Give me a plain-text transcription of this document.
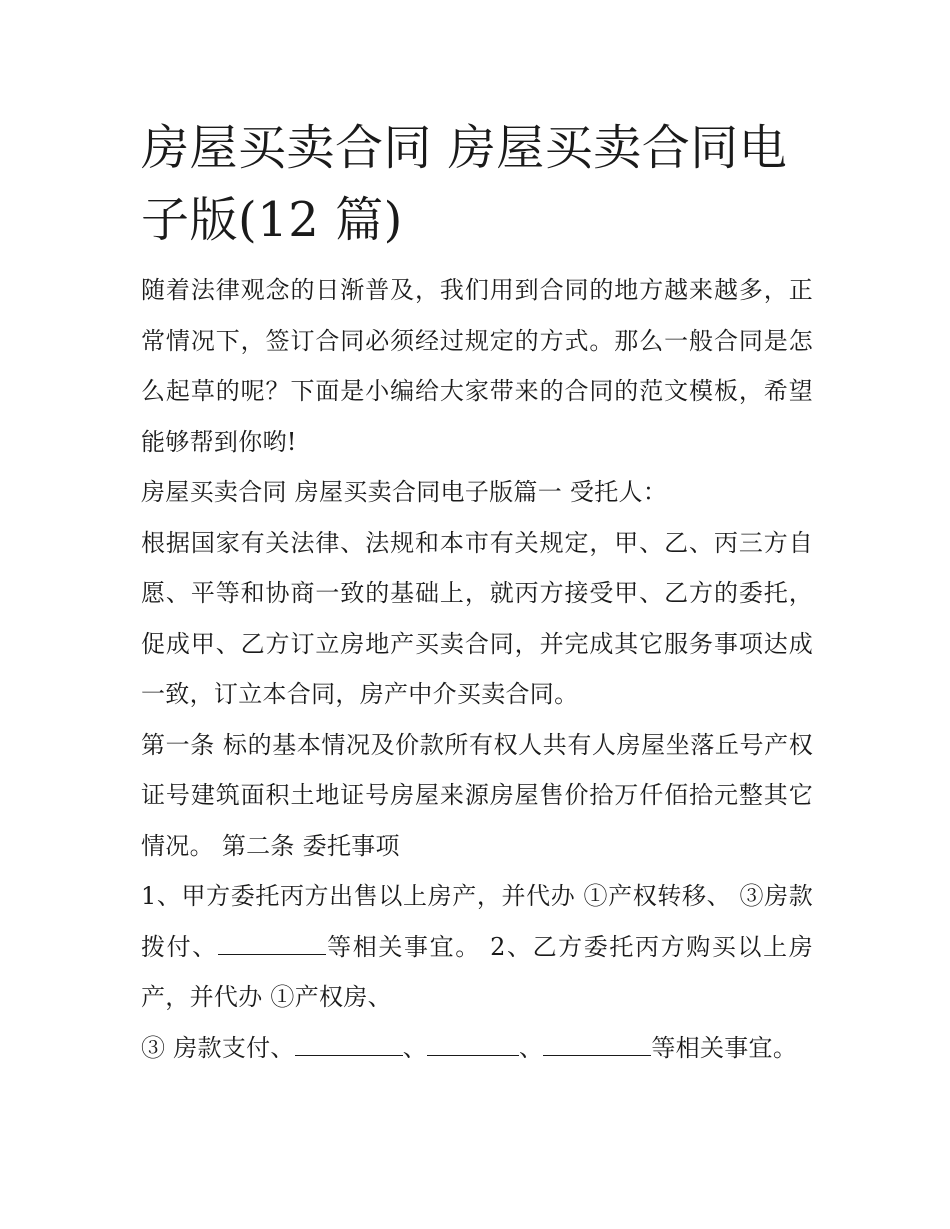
房屋买卖合同 房屋买卖合同电子版(12 篇)

随着法律观念的日渐普及，我们用到合同的地方越来越多，正常情况下，签订合同必须经过规定的方式。那么一般合同是怎么起草的呢？下面是小编给大家带来的合同的范文模板，希望能够帮到你哟!

房屋买卖合同 房屋买卖合同电子版篇一 受托人：

根据国家有关法律、法规和本市有关规定，甲、乙、丙三方自愿、平等和协商一致的基础上，就丙方接受甲、乙方的委托，促成甲、乙方订立房地产买卖合同，并完成其它服务事项达成一致，订立本合同，房产中介买卖合同。

第一条 标的基本情况及价款所有权人共有人房屋坐落丘号产权证号建筑面积土地证号房屋来源房屋售价拾万仟佰拾元整其它情况。 第二条 委托事项

1、甲方委托丙方出售以上房产，并代办 ①产权转移、 ③房款拨付、	等相关事宜。 2、乙方委托丙方购买以上房产，并代办 ①产权房、

③ 房款支付、	、	、	等相关事宜。
